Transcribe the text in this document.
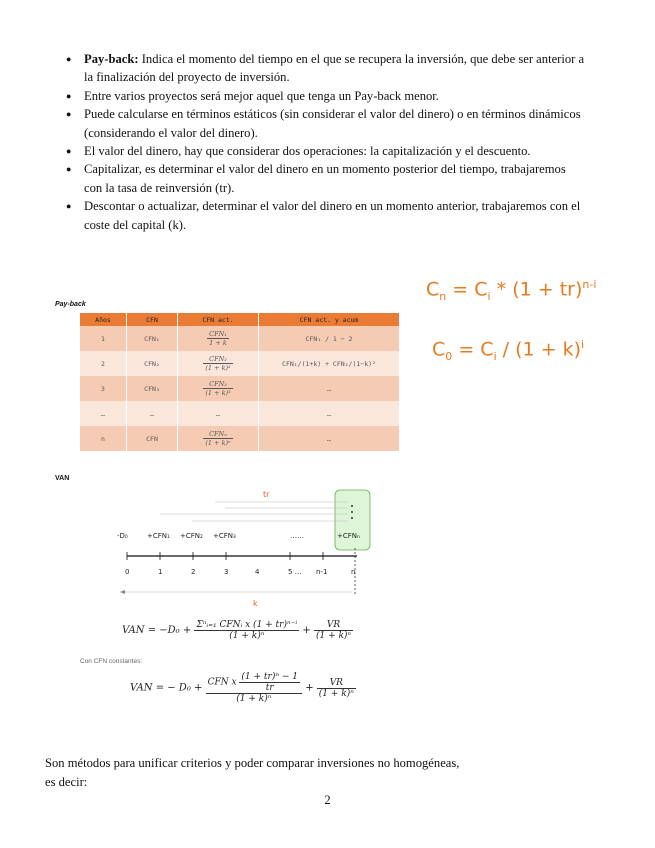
● Pay-back: Indica el momento del tiempo en el que se recupera la inversión, que debe ser anterior a la finalización del proyecto de inversión.
● Entre varios proyectos será mejor aquel que tenga un Pay-back menor.
● Puede calcularse en términos estáticos (sin considerar el valor del dinero) o en términos dinámicos (considerando el valor del dinero).
● El valor del dinero, hay que considerar dos operaciones: la capitalización y el descuento.
● Capitalizar, es determinar el valor del dinero en un momento posterior del tiempo, trabajaremos con la tasa de reinversión (tr).
● Descontar o actualizar, determinar el valor del dinero en un momento anterior, trabajaremos con el coste del capital (k).
$C_n = C_i * (1 + tr)^{n-i}$
$C_0 = C_i / (1 + k)^i$
Pay-back
Años	CFN	CFN act.	CFN act. y acum
1	CFN₁	$\frac{\text{CFN₁}}{1 + k}$	CFN₁ / 1 − 2
2	CFN₂	$\frac{\text{CFN₂}}{\text{(1 + k)²}}$	CFN₁/(1+k) + CFN₂/(1−k)²
3	CFN₃	$\frac{\text{CFN₃}}{\text{(1 + k)³}}$	…
…	…	…	…
n	CFN	$\frac{\text{CFNₙ}}{\text{(1 + k)ⁿ}}$	…
VAN
tr
-D₀	+CFN₁ +CFN₂ +CFN₃	……	+CFNₙ
0	1	2	3	4	5 … n-1	n
k
VAN = $-D_0 + \frac{\text{Σⁿᵢ₌₁ CFNᵢ x (1 + tr)ⁿ⁻ⁱ}}{\text{(1 + k)ⁿ}} + \frac{VR}{\text{(1 + k)ⁿ}}$
Con CFN constantes:
VAN = − $D_0 + \frac{CFN x \frac{\text{(1 + tr)ⁿ − 1}}{tr}}{\text{(1 + k)ⁿ}} + \frac{VR}{\text{(1 + k)ⁿ}}$
Son métodos para unificar criterios y poder comparar inversiones no homogéneas, es decir:
2
